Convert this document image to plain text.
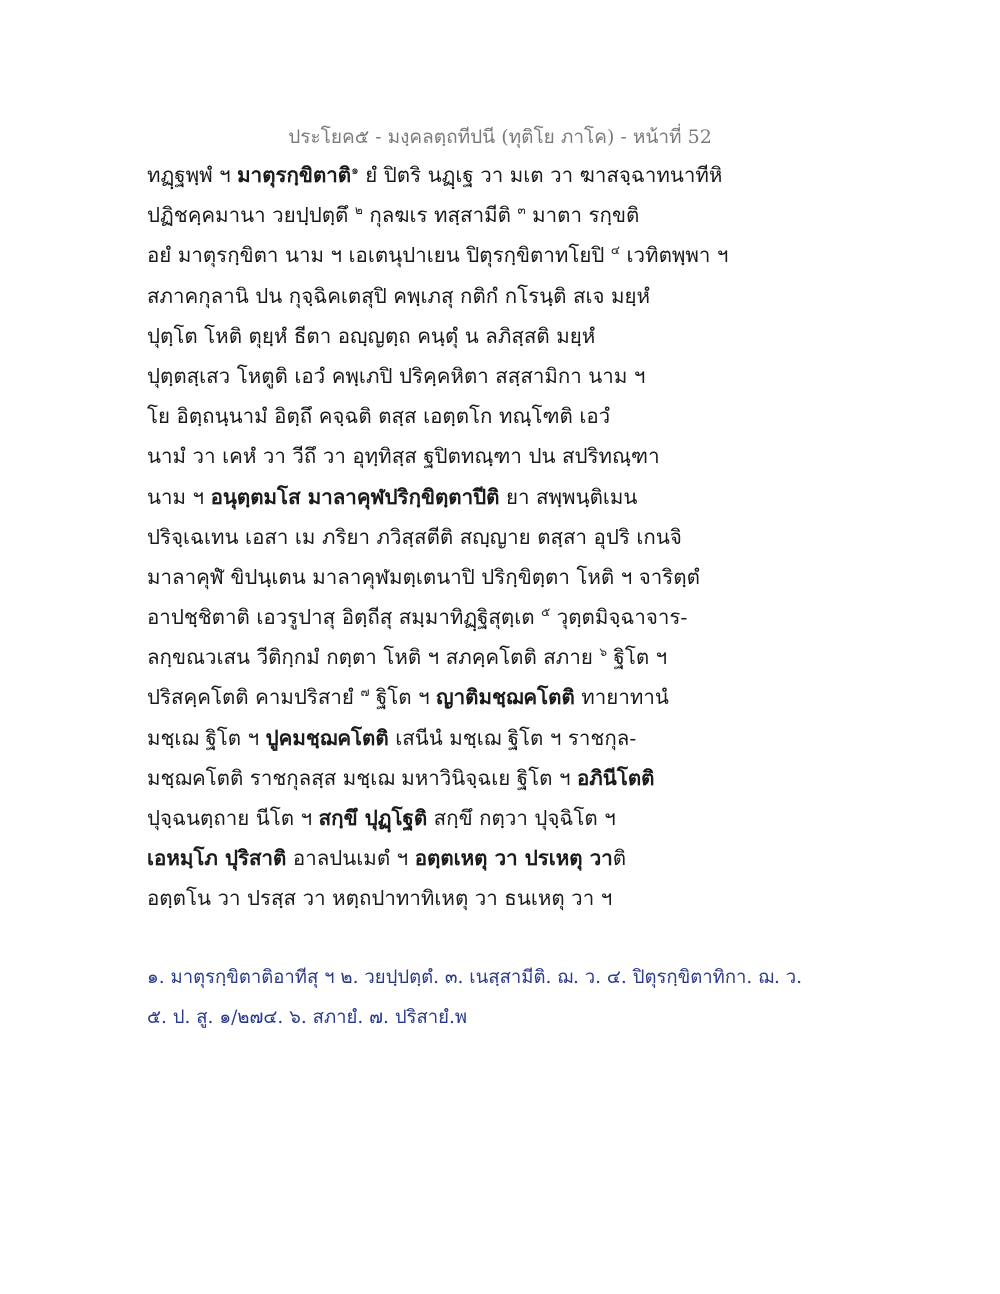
ประโยค๕ - มงฺคลตฺถทีปนี (ทุติโย ภาโค) - หน้าที่ 52
ทฏฺฐพฺพํ ฯ มาตุรกฺขิตาติ$^๑$ ยํ ปิตริ นฏฺเฐ วา มเต วา ฆาสจฺฉาทนาทีหิ
ปฏิชคฺคมานา วยปฺปตฺตึ $^๒$ กุลฆเร ทสฺสามีติ $^๓$ มาตา รกฺขติ
อยํ มาตุรกฺขิตา นาม ฯ เอเตนุปาเยน ปิตุรกฺขิตาทโยปิ $^๔$ เวทิตพฺพา ฯ
สภาคกุลานิ ปน กุจฺฉิคเตสุปิ คพฺเภสุ กติกํ กโรนฺติ สเจ มยฺหํ
ปุตฺโต โหติ ตุยฺหํ ธีตา อญฺญตฺถ คนฺตุํ น ลภิสฺสติ มยฺหํ
ปุตฺตสฺเสว โหตูติ เอวํ คพฺเภปิ ปริคฺคหิตา สสฺสามิกา นาม ฯ
โย อิตฺถนฺนามํ อิตฺถึ คจฺฉติ ตสฺส เอตฺตโก ทณฺโฑติ เอวํ
นามํ วา เคหํ วา วีถึ วา อุทฺทิสฺส ฐปิตทณฺฑา ปน สปริทณฺฑา
นาม ฯ อนุตฺตมโส มาลาคุฬปริกฺขิตฺตาปีติ ยา สพฺพนฺติเมน
ปริจฺเฉเทน เอสา เม ภริยา ภวิสฺสตีติ สญฺญาย ตสฺสา อุปริ เกนจิ
มาลาคุฬํ ขิปนฺเตน มาลาคุฬมตฺเตนาปิ ปริกฺขิตฺตา โหติ ฯ จาริตฺตํ
อาปชฺชิตาติ เอวรูปาสุ อิตฺถีสุ สมฺมาทิฏฺฐิสุตฺเต $^๕$ วุตฺตมิจฺฉาจาร-
ลกฺขณวเสน วีติกฺกมํ กตฺตา โหติ ฯ สภคฺคโตติ สภาย $^๖$ ฐิโต ฯ
ปริสคฺคโตติ คามปริสายํ $^๗$ ฐิโต ฯ ญาติมชฺฌคโตติ ทายาทานํ
มชฺเฌ ฐิโต ฯ ปูคมชฺฌคโตติ เสนีนํ มชฺเฌ ฐิโต ฯ ราชกุล-
มชฺฌคโตติ ราชกุลสฺส มชฺเฌ มหาวินิจฺฉเย ฐิโต ฯ อภินีโตติ
ปุจฺฉนตฺถาย นีโต ฯ สกฺขึ ปุฏฺโฐติ สกฺขึ กตฺวา ปุจฺฉิโต ฯ
เอหมฺโภ ปุริสาติ อาลปนเมตํ ฯ อตฺตเหตุ วา ปรเหตุ วาติ
อตฺตโน วา ปรสฺส วา หตฺถปาทาทิเหตุ วา ธนเหตุ วา ฯ
๑. มาตุรกฺขิตาติอาทีสุ ฯ ๒. วยปฺปตฺตํ. ๓. เนสฺสามีติ. ฌ. ว. ๔. ปิตุรกฺขิตาทิกา. ฌ. ว.
๕. ป. สู. ๑/๒๗๔. ๖. สภายํ. ๗. ปริสายํ.พ
